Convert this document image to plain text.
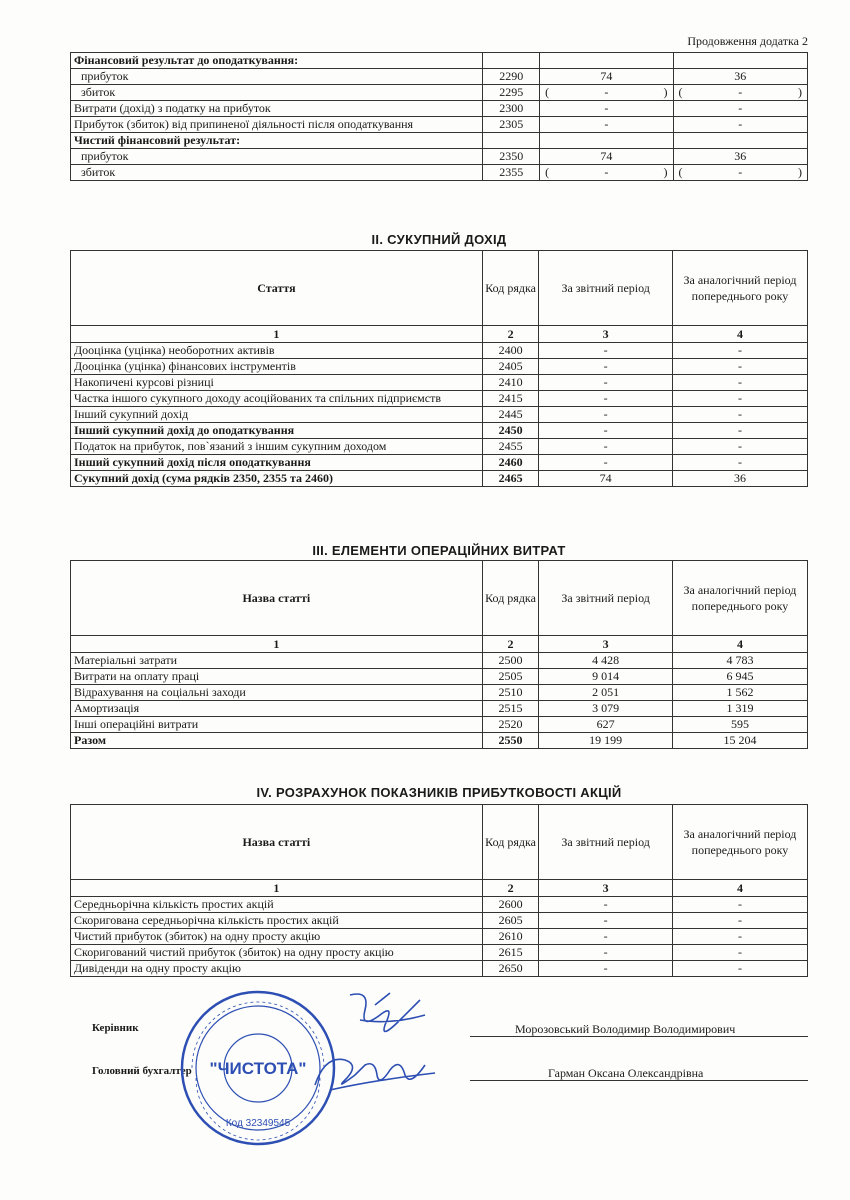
Продовження додатка 2
Фінансовий результат до оподаткування:			
прибуток	2290	74	36
збиток	2295	( - )	( - )

Витрати (дохід) з податку на прибуток	2300	-	-
Прибуток (збиток) від припиненої діяльності після оподаткування	2305	-	-
Чистий фінансовий результат:			
прибуток	2350	74	36
збиток	2355	( - )	( - )
II. СУКУПНИЙ ДОХІД
Стаття	Код рядка	За звітний період	За аналогічний період попереднього року
1	2	3	4
Дооцінка (уцінка) необоротних активів	2400	-	-
Дооцінка (уцінка) фінансових інструментів	2405	-	-
Накопичені курсові різниці	2410	-	-
Частка іншого сукупного доходу асоційованих та спільних підприємств	2415	-	-
Інший сукупний дохід	2445	-	-
Інший сукупний дохід до оподаткування	2450	-	-
Податок на прибуток, пов`язаний з іншим сукупним доходом	2455	-	-
Інший сукупний дохід після оподаткування	2460	-	-
Сукупний дохід (сума рядків 2350, 2355 та 2460)	2465	74	36
III. ЕЛЕМЕНТИ ОПЕРАЦІЙНИХ ВИТРАТ
Назва статті	Код рядка	За звітний період	За аналогічний період попереднього року
1	2	3	4
Матеріальні затрати	2500	4 428	4 783
Витрати на оплату праці	2505	9 014	6 945
Відрахування на соціальні заходи	2510	2 051	1 562
Амортизація	2515	3 079	1 319
Інші операційні витрати	2520	627	595
Разом	2550	19 199	15 204
IV. РОЗРАХУНОК ПОКАЗНИКІВ ПРИБУТКОВОСТІ АКЦІЙ
Назва статті	Код рядка	За звітний період	За аналогічний період попереднього року
1	2	3	4
Середньорічна кількість простих акцій	2600	-	-
Скоригована середньорічна кількість простих акцій	2605	-	-
Чистий прибуток (збиток) на одну просту акцію	2610	-	-
Скоригований чистий прибуток (збиток) на одну просту акцію	2615	-	-
Дивіденди на одну просту акцію	2650	-	-
Керівник	Морозовський Володимир Володимирович
Головний бухгалтер	Гарман Оксана Олександрівна
"ЧИСТОТА"
Код 32349545
